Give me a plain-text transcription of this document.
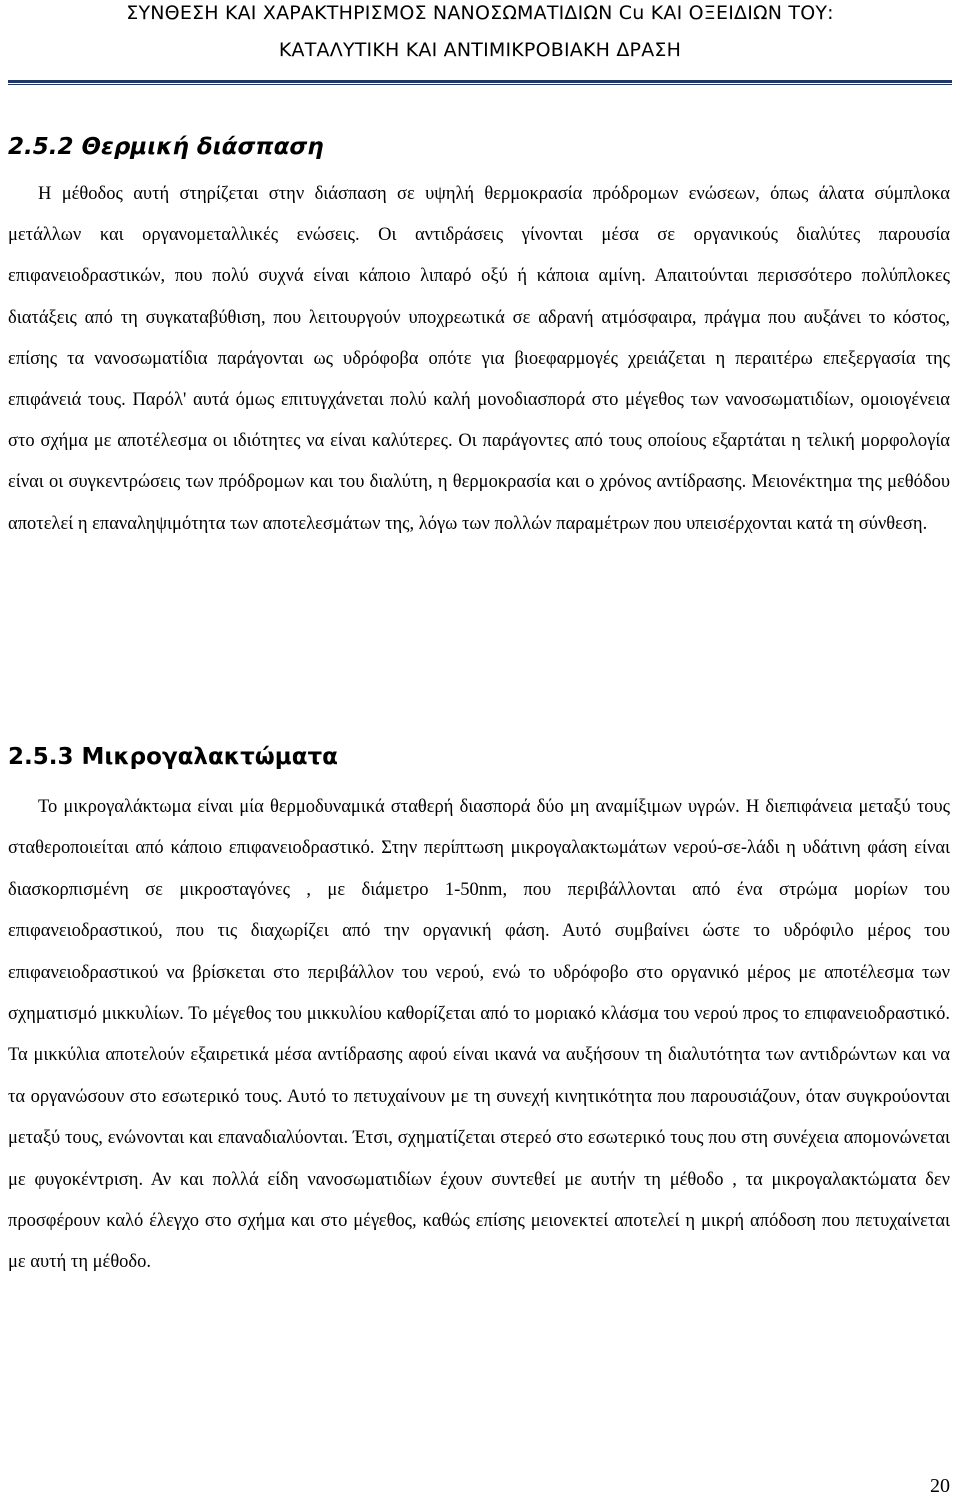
ΣΥΝΘΕΣΗ ΚΑΙ ΧΑΡΑΚΤΗΡΙΣΜΟΣ ΝΑΝΟΣΩΜΑΤΙΔΙΩΝ Cu ΚΑΙ ΟΞΕΙΔΙΩΝ ΤΟΥ:
ΚΑΤΑΛΥΤΙΚΗ ΚΑΙ ΑΝΤΙΜΙΚΡΟΒΙΑΚΗ ΔΡΑΣΗ
2.5.2 Θερμική διάσπαση

Η μέθοδος αυτή στηρίζεται στην διάσπαση σε υψηλή θερμοκρασία πρόδρομων ενώσεων, όπως άλατα σύμπλοκα μετάλλων και οργανομεταλλικές ενώσεις. Οι αντιδράσεις γίνονται μέσα σε οργανικούς διαλύτες παρουσία επιφανειοδραστικών, που πολύ συχνά είναι κάποιο λιπαρό οξύ ή κάποια αμίνη. Απαιτούνται περισσότερο πολύπλοκες διατάξεις από τη συγκαταβύθιση, που λειτουργούν υποχρεωτικά σε αδρανή ατμόσφαιρα, πράγμα που αυξάνει το κόστος, επίσης τα νανοσωματίδια παράγονται ως υδρόφοβα οπότε για βιοεφαρμογές χρειάζεται η περαιτέρω επεξεργασία της επιφάνειά τους. Παρόλ' αυτά όμως επιτυγχάνεται πολύ καλή μονοδιασπορά στο μέγεθος των νανοσωματιδίων, ομοιογένεια στο σχήμα με αποτέλεσμα οι ιδιότητες να είναι καλύτερες. Οι παράγοντες από τους οποίους εξαρτάται η τελική μορφολογία είναι οι συγκεντρώσεις των πρόδρομων και του διαλύτη, η θερμοκρασία και ο χρόνος αντίδρασης. Μειονέκτημα της μεθόδου αποτελεί η επαναληψιμότητα των αποτελεσμάτων της, λόγω των πολλών παραμέτρων που υπεισέρχονται κατά τη σύνθεση.

2.5.3 Μικρογαλακτώματα

Το μικρογαλάκτωμα είναι μία θερμοδυναμικά σταθερή διασπορά δύο μη αναμίξιμων υγρών. Η διεπιφάνεια μεταξύ τους σταθεροποιείται από κάποιο επιφανειοδραστικό. Στην περίπτωση μικρογαλακτωμάτων νερού-σε-λάδι η υδάτινη φάση είναι διασκορπισμένη σε μικροσταγόνες , με διάμετρο 1-50nm, που περιβάλλονται από ένα στρώμα μορίων του επιφανειοδραστικού, που τις διαχωρίζει από την οργανική φάση. Αυτό συμβαίνει ώστε το υδρόφιλο μέρος του επιφανειοδραστικού να βρίσκεται στο περιβάλλον του νερού, ενώ το υδρόφοβο στο οργανικό μέρος με αποτέλεσμα των σχηματισμό μικκυλίων. Το μέγεθος του μικκυλίου καθορίζεται από το μοριακό κλάσμα του νερού προς το επιφανειοδραστικό. Τα μικκύλια αποτελούν εξαιρετικά μέσα αντίδρασης αφού είναι ικανά να αυξήσουν τη διαλυτότητα των αντιδρώντων και να τα οργανώσουν στο εσωτερικό τους. Αυτό το πετυχαίνουν με τη συνεχή κινητικότητα που παρουσιάζουν, όταν συγκρούονται μεταξύ τους, ενώνονται και επαναδιαλύονται. Έτσι, σχηματίζεται στερεό στο εσωτερικό τους που στη συνέχεια απομονώνεται με φυγοκέντριση. Αν και πολλά είδη νανοσωματιδίων έχουν συντεθεί με αυτήν τη μέθοδο , τα μικρογαλακτώματα δεν προσφέρουν καλό έλεγχο στο σχήμα και στο μέγεθος, καθώς επίσης μειονεκτεί αποτελεί η μικρή απόδοση που πετυχαίνεται με αυτή τη μέθοδο.

20
